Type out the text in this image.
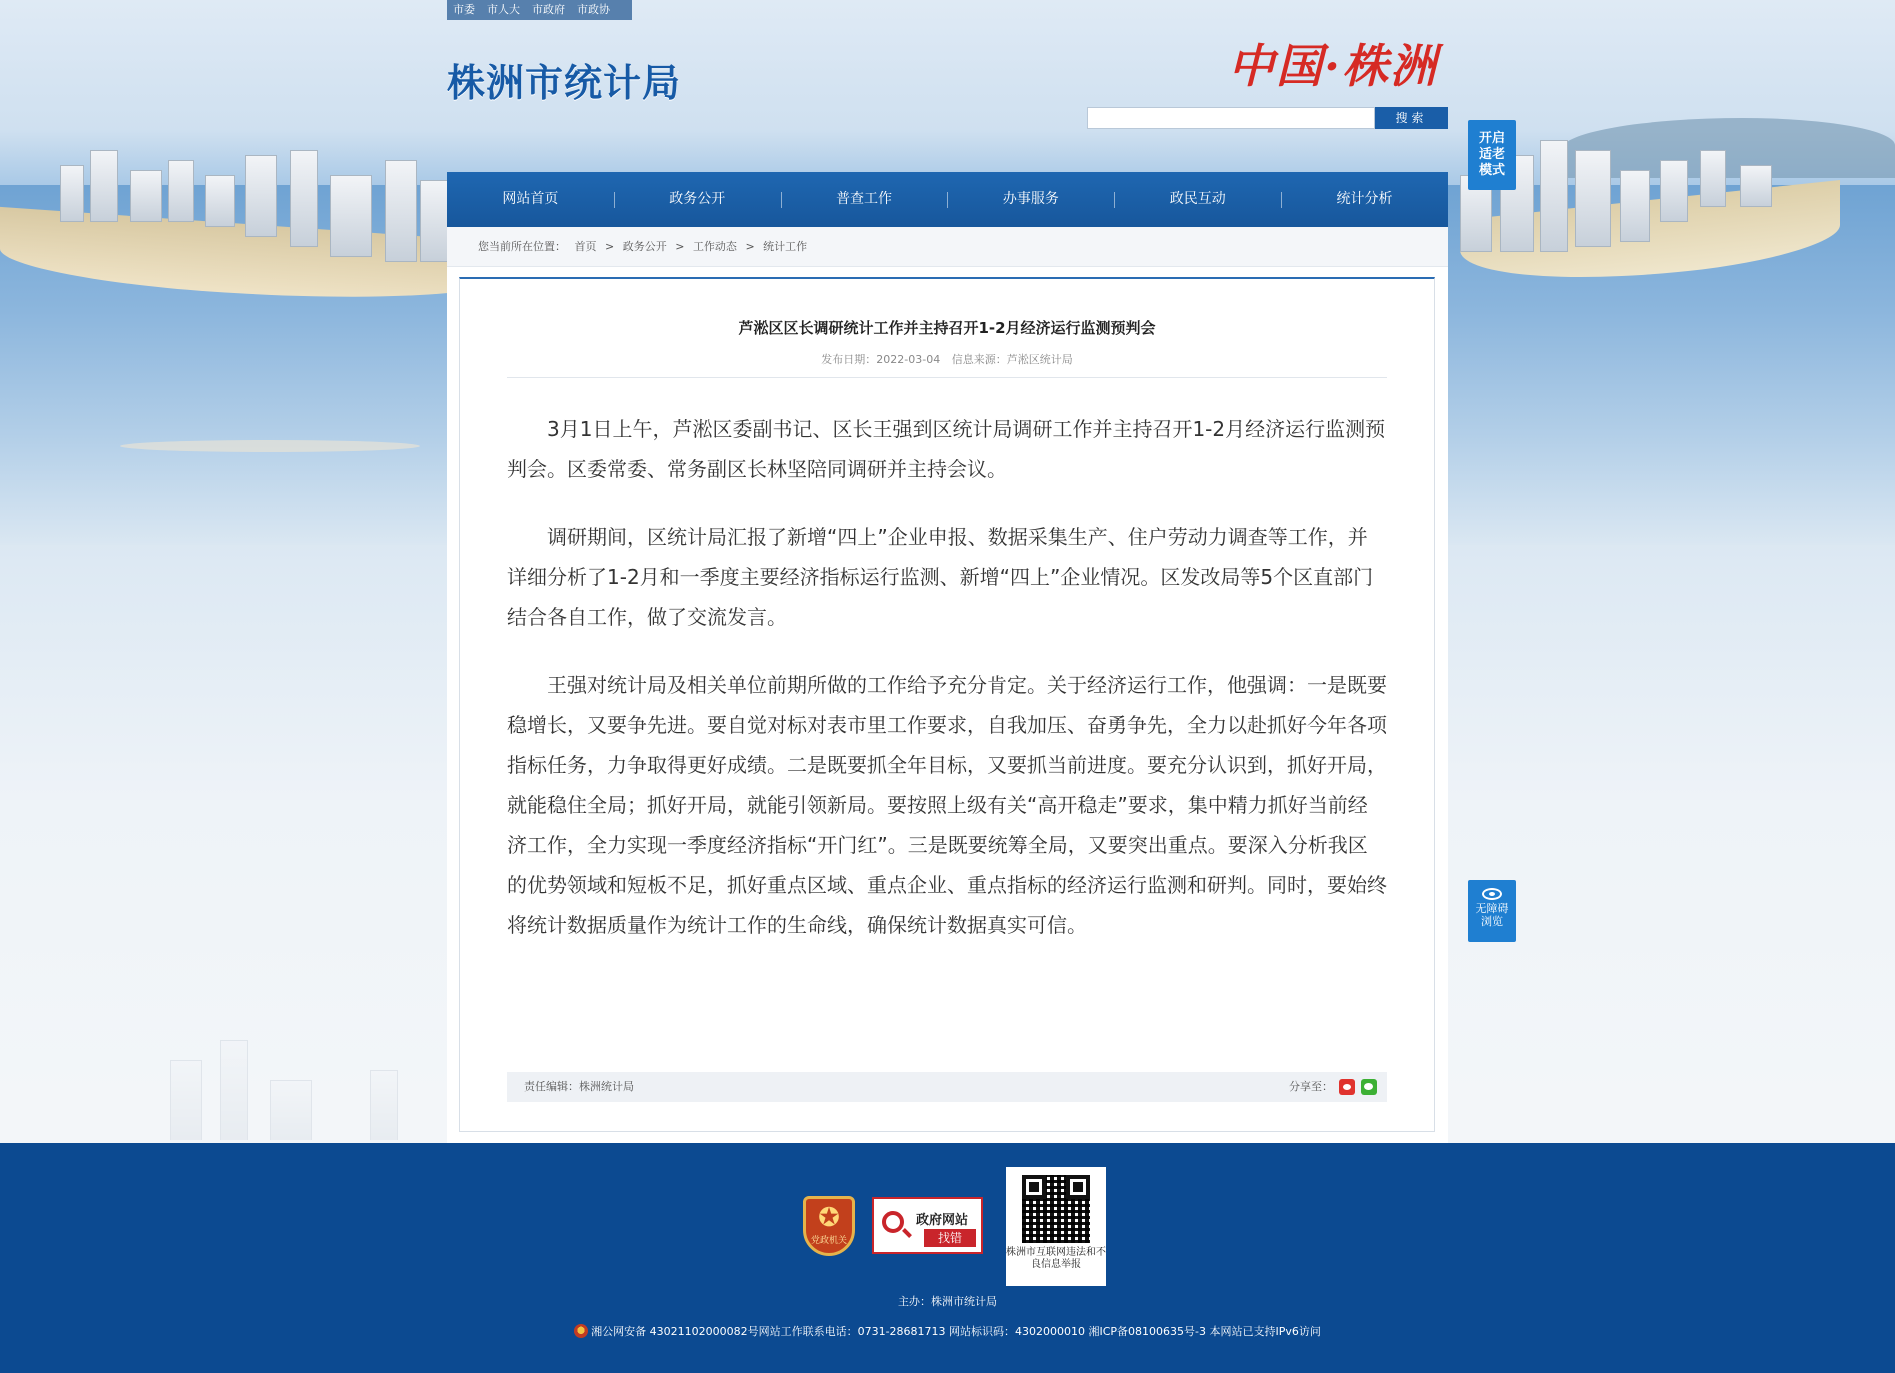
市委	市人大	市政府	市政协
株洲市统计局	中国·株洲
搜索
开启
适老
模式
无障碍
浏览
网站首页	政务公开	普查工作	办事服务	政民互动	统计分析
您当前所在位置： 首页 > 政务公开 > 工作动态 > 统计工作
芦淞区区长调研统计工作并主持召开1-2月经济运行监测预判会
发布日期：2022-03-04 信息来源：芦淞区统计局

3月1日上午，芦淞区委副书记、区长王强到区统计局调研工作并主持召开1-2月经济运行监测预判会。区委常委、常务副区长林坚陪同调研并主持会议。

调研期间，区统计局汇报了新增“四上”企业申报、数据采集生产、住户劳动力调查等工作，并详细分析了1-2月和一季度主要经济指标运行监测、新增“四上”企业情况。区发改局等5个区直部门结合各自工作，做了交流发言。

王强对统计局及相关单位前期所做的工作给予充分肯定。关于经济运行工作，他强调：一是既要稳增长，又要争先进。要自觉对标对表市里工作要求，自我加压、奋勇争先，全力以赴抓好今年各项指标任务，力争取得更好成绩。二是既要抓全年目标，又要抓当前进度。要充分认识到，抓好开局，就能稳住全局；抓好开局，就能引领新局。要按照上级有关“高开稳走”要求，集中精力抓好当前经济工作，全力实现一季度经济指标“开门红”。三是既要统筹全局，又要突出重点。要深入分析我区的优势领域和短板不足，抓好重点区域、重点企业、重点指标的经济运行监测和研判。同时，要始终将统计数据质量作为统计工作的生命线，确保统计数据真实可信。

责任编辑：株洲统计局	分享至：
✪
党政机关
政府网站
找错
株洲市互联网违法和不良信息举报
主办：株洲市统计局
湘公网安备 43021102000082号网站工作联系电话：0731-28681713 网站标识码：4302000010 湘ICP备08100635号-3 本网站已支持IPv6访问
